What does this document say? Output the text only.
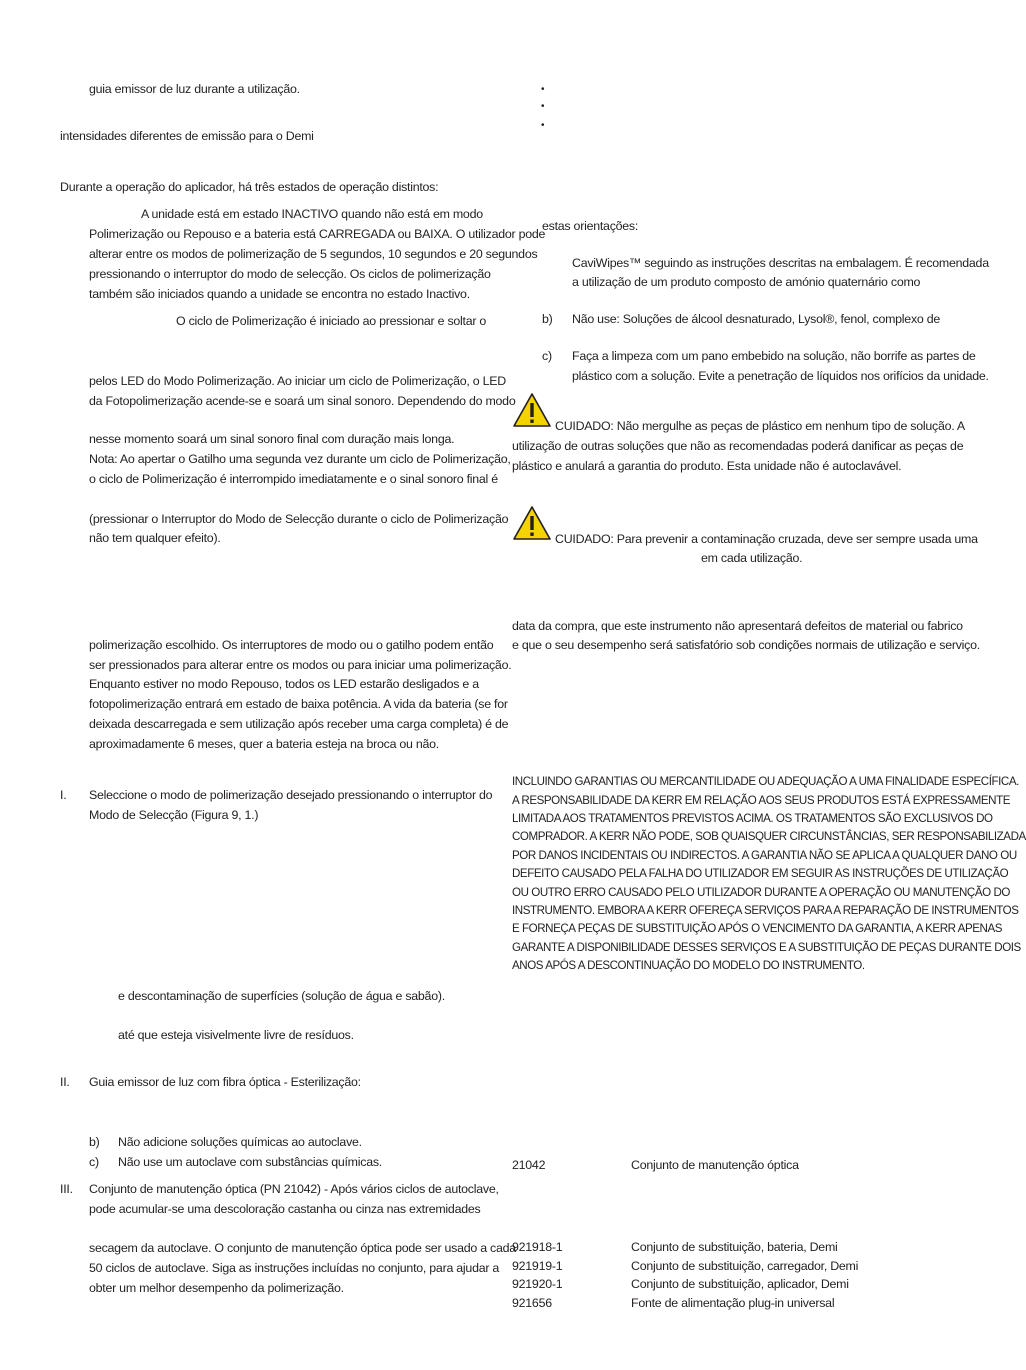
guia emissor de luz durante a utilização.

intensidades diferentes de emissão para o Demi

Durante a operação do aplicador, há três estados de operação distintos:

A unidade está em estado INACTIVO quando não está em modo

Polimerização ou Repouso e a bateria está CARREGADA ou BAIXA. O utilizador pode

alterar entre os modos de polimerização de 5 segundos, 10 segundos e 20 segundos

pressionando o interruptor do modo de selecção. Os ciclos de polimerização

também são iniciados quando a unidade se encontra no estado Inactivo.

O ciclo de Polimerização é iniciado ao pressionar e soltar o

pelos LED do Modo Polimerização. Ao iniciar um ciclo de Polimerização, o LED

da Fotopolimerização acende-se e soará um sinal sonoro. Dependendo do modo

nesse momento soará um sinal sonoro final com duração mais longa.

Nota: Ao apertar o Gatilho uma segunda vez durante um ciclo de Polimerização,

o ciclo de Polimerização é interrompido imediatamente e o sinal sonoro final é

(pressionar o Interruptor do Modo de Selecção durante o ciclo de Polimerização

não tem qualquer efeito).

polimerização escolhido. Os interruptores de modo ou o gatilho podem então

ser pressionados para alterar entre os modos ou para iniciar uma polimerização.

Enquanto estiver no modo Repouso, todos os LED estarão desligados e a

fotopolimerização entrará em estado de baixa potência. A vida da bateria (se for

deixada descarregada e sem utilização após receber uma carga completa) é de

aproximadamente 6 meses, quer a bateria esteja na broca ou não.

I. Seleccione o modo de polimerização desejado pressionando o interruptor do

Modo de Selecção (Figura 9, 1.)

e descontaminação de superfícies (solução de água e sabão).

até que esteja visivelmente livre de resíduos.

II. Guia emissor de luz com fibra óptica - Esterilização:

b) Não adicione soluções químicas ao autoclave.

c) Não use um autoclave com substâncias químicas.

III. Conjunto de manutenção óptica (PN 21042) - Após vários ciclos de autoclave,

pode acumular-se uma descoloração castanha ou cinza nas extremidades

secagem da autoclave. O conjunto de manutenção óptica pode ser usado a cada

50 ciclos de autoclave. Siga as instruções incluídas no conjunto, para ajudar a

obter um melhor desempenho da polimerização.

•
•
•

estas orientações:

CaviWipes™ seguindo as instruções descritas na embalagem. É recomendada

a utilização de um produto composto de amónio quaternário como

b) Não use: Soluções de álcool desnaturado, Lysol®, fenol, complexo de

c) Faça a limpeza com um pano embebido na solução, não borrife as partes de

plástico com a solução. Evite a penetração de líquidos nos orifícios da unidade.

CUIDADO: Não mergulhe as peças de plástico em nenhum tipo de solução. A

utilização de outras soluções que não as recomendadas poderá danificar as peças de

plástico e anulará a garantia do produto. Esta unidade não é autoclavável.

CUIDADO: Para prevenir a contaminação cruzada, deve ser sempre usada uma

em cada utilização.

data da compra, que este instrumento não apresentará defeitos de material ou fabrico

e que o seu desempenho será satisfatório sob condições normais de utilização e serviço.

INCLUINDO GARANTIAS OU MERCANTILIDADE OU ADEQUAÇÃO A UMA FINALIDADE ESPECÍFICA.

A RESPONSABILIDADE DA KERR EM RELAÇÃO AOS SEUS PRODUTOS ESTÁ EXPRESSAMENTE

LIMITADA AOS TRATAMENTOS PREVISTOS ACIMA. OS TRATAMENTOS SÃO EXCLUSIVOS DO

COMPRADOR. A KERR NÃO PODE, SOB QUAISQUER CIRCUNSTÂNCIAS, SER RESPONSABILIZADA

POR DANOS INCIDENTAIS OU INDIRECTOS. A GARANTIA NÃO SE APLICA A QUALQUER DANO OU

DEFEITO CAUSADO PELA FALHA DO UTILIZADOR EM SEGUIR AS INSTRUÇÕES DE UTILIZAÇÃO

OU OUTRO ERRO CAUSADO PELO UTILIZADOR DURANTE A OPERAÇÃO OU MANUTENÇÃO DO

INSTRUMENTO. EMBORA A KERR OFEREÇA SERVIÇOS PARA A REPARAÇÃO DE INSTRUMENTOS

E FORNEÇA PEÇAS DE SUBSTITUIÇÃO APÓS O VENCIMENTO DA GARANTIA, A KERR APENAS

GARANTE A DISPONIBILIDADE DESSES SERVIÇOS E A SUBSTITUIÇÃO DE PEÇAS DURANTE DOIS

ANOS APÓS A DESCONTINUAÇÃO DO MODELO DO INSTRUMENTO.

21042	Conjunto de manutenção óptica

921918-1	Conjunto de substituição, bateria, Demi

921919-1	Conjunto de substituição, carregador, Demi

921920-1	Conjunto de substituição, aplicador, Demi

921656	Fonte de alimentação plug-in universal
